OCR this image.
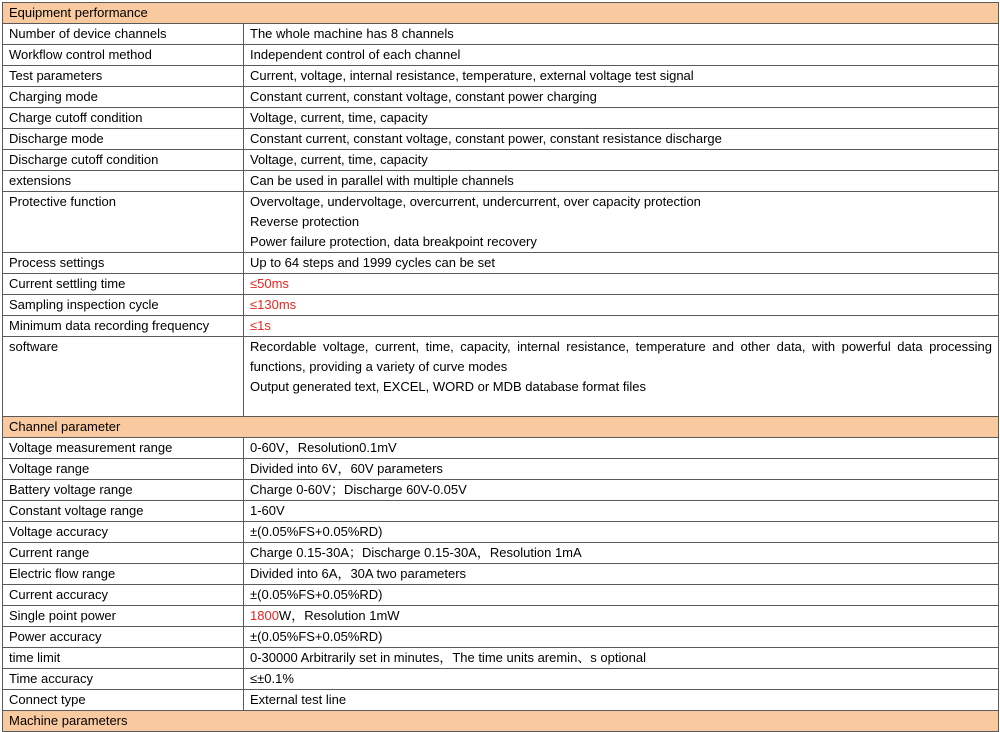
Equipment performance	
Number of device channels	The whole machine has 8 channels
Workflow control method	Independent control of each channel
Test parameters	Current, voltage, internal resistance, temperature, external voltage test signal
Charging mode	Constant current, constant voltage, constant power charging
Charge cutoff condition	Voltage, current, time, capacity
Discharge mode	Constant current, constant voltage, constant power, constant resistance discharge
Discharge cutoff condition	Voltage, current, time, capacity
extensions	Can be used in parallel with multiple channels
Protective function	Overvoltage, undervoltage, overcurrent, undercurrent, over capacity protection
Reverse protection
Power failure protection, data breakpoint recovery

Process settings	Up to 64 steps and 1999 cycles can be set
Current settling time	≤50ms
Sampling inspection cycle	≤130ms
Minimum data recording frequency	≤1s
software	Recordable voltage, current, time, capacity, internal resistance, temperature and other data, with powerful data processing functions, providing a variety of curve modes
Output generated text, EXCEL, WORD or MDB database format files

Channel parameter	
Voltage measurement range	0-60V，Resolution0.1mV
Voltage range	Divided into 6V，60V parameters
Battery voltage range	Charge 0-60V；Discharge 60V-0.05V
Constant voltage range	1-60V
Voltage accuracy	±(0.05%FS+0.05%RD)
Current range	Charge 0.15-30A；Discharge 0.15-30A，Resolution 1mA
Electric flow range	Divided into 6A，30A two parameters
Current accuracy	±(0.05%FS+0.05%RD)
Single point power	1800W，Resolution 1mW
Power accuracy	±(0.05%FS+0.05%RD)
time limit	0-30000 Arbitrarily set in minutes，The time units aremin、s optional
Time accuracy	≤±0.1%
Connect type	External test line
Machine parameters	
